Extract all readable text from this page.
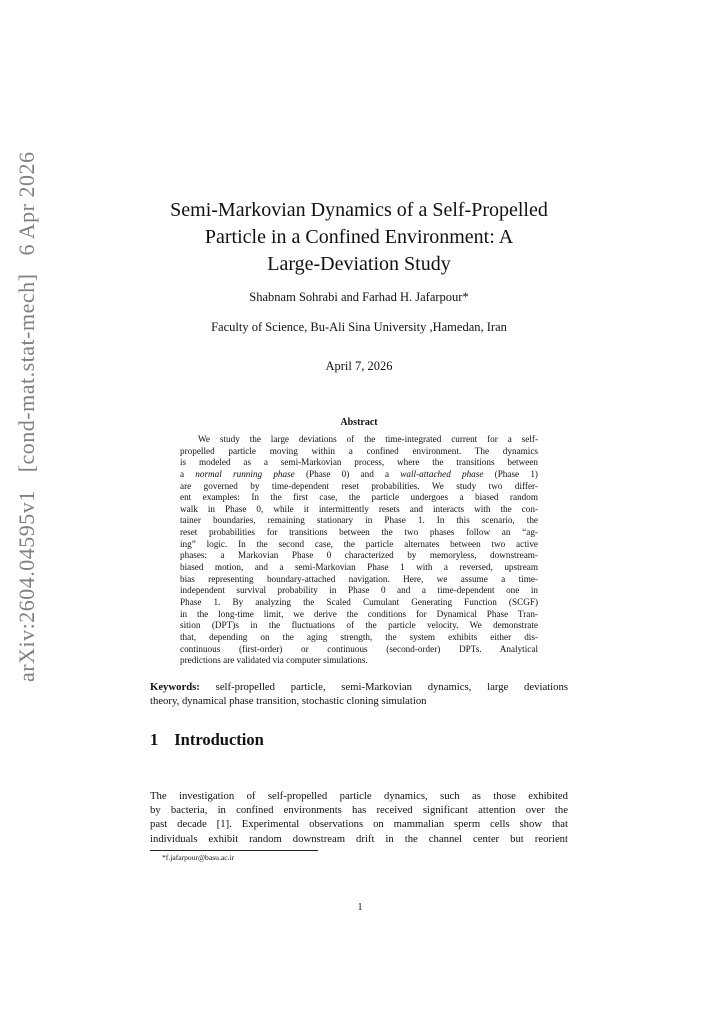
arXiv:2604.04595v1[cond-mat.stat-mech]6 Apr 2026	Semi-Markovian Dynamics of a Self-Propelled
Particle in a Confined Environment: A
Large-Deviation Study
Shabnam Sohrabi and Farhad H. Jafarpour*
Faculty of Science, Bu-Ali Sina University ,Hamedan, Iran
April 7, 2026
Abstract
We study the large deviations of the time-integrated current for a self-
propelled particle moving within a confined environment. The dynamics
is modeled as a semi-Markovian process, where the transitions between
a normal running phase (Phase 0) and a wall-attached phase (Phase 1)
are governed by time-dependent reset probabilities. We study two differ-
ent examples: In the first case, the particle undergoes a biased random
walk in Phase 0, while it intermittently resets and interacts with the con-
tainer boundaries, remaining stationary in Phase 1. In this scenario, the
reset probabilities for transitions between the two phases follow an “ag-
ing” logic. In the second case, the particle alternates between two active
phases: a Markovian Phase 0 characterized by memoryless, downstream-
biased motion, and a semi-Markovian Phase 1 with a reversed, upstream
bias representing boundary-attached navigation. Here, we assume a time-
independent survival probability in Phase 0 and a time-dependent one in
Phase 1. By analyzing the Scaled Cumulant Generating Function (SCGF)
in the long-time limit, we derive the conditions for Dynamical Phase Tran-
sition (DPT)s in the fluctuations of the particle velocity. We demonstrate
that, depending on the aging strength, the system exhibits either dis-
continuous (first-order) or continuous (second-order) DPTs. Analytical
predictions are validated via computer simulations.
Keywords: self-propelled particle, semi-Markovian dynamics, large deviations
theory, dynamical phase transition, stochastic cloning simulation
1 Introduction
The investigation of self-propelled particle dynamics, such as those exhibited
by bacteria, in confined environments has received significant attention over the
past decade [1]. Experimental observations on mammalian sperm cells show that
individuals exhibit random downstream drift in the channel center but reorient
*f.jafarpour@basu.ac.ir
1
